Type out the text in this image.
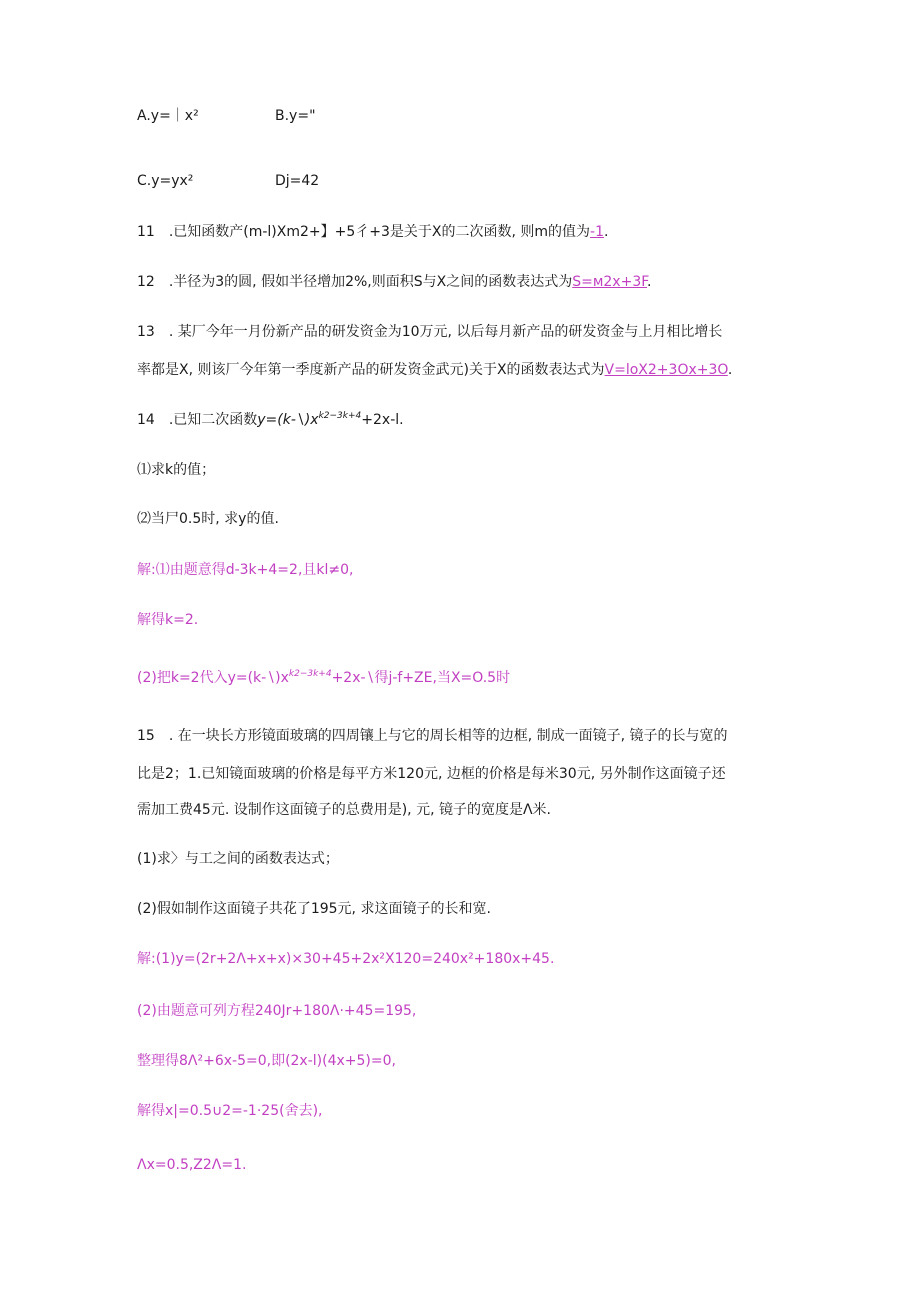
A.y=｜x²	B.y="
C.y=yx²	Dj=42
11　.已知函数产(m-l)Xm2+】+5彳+3是关于X的二次函数, 则m的值为-1.
12　.半径为3的圆, 假如半径增加2%,则面积S与X之间的函数表达式为S=м2x+3F.
13　. 某厂今年一月份新产品的研发资金为10万元, 以后每月新产品的研发资金与上月相比增长
率都是X, 则该厂今年第一季度新产品的研发资金武元)关于X的函数表达式为V=loX2+3Ox+3O.
14　.已知二次函数$y=(k-∖)x^{k2-3k+4}+2x-l$.
⑴求k的值；
⑵当尸0.5时, 求y的值.
解:⑴由题意得d-3k+4=2,且kl≠0,
解得k=2.
(2)把k=2代入$y=(k-∖)x^{k2-3k+4}+2x-∖$得j-f+ZE,当X=O.5时
15　. 在一块长方形镜面玻璃的四周镶上与它的周长相等的边框, 制成一面镜子, 镜子的长与宽的
比是2；1.已知镜面玻璃的价格是每平方米120元, 边框的价格是每米30元, 另外制作这面镜子还
需加工费45元. 设制作这面镜子的总费用是), 元, 镜子的宽度是Λ米.
(1)求〉与工之间的函数表达式；
(2)假如制作这面镜子共花了195元, 求这面镜子的长和宽.
解:(1)y=(2r+2Λ+x+x)×30+45+2x²X120=240x²+180x+45.
(2)由题意可列方程240Jr+180Λ·+45=195,
整理得8Λ²+6x-5=0,即(2x-l)(4x+5)=0,
解得x|=0.5∪2=-1·25(舍去),
Λx=0.5,Z2Λ=1.
